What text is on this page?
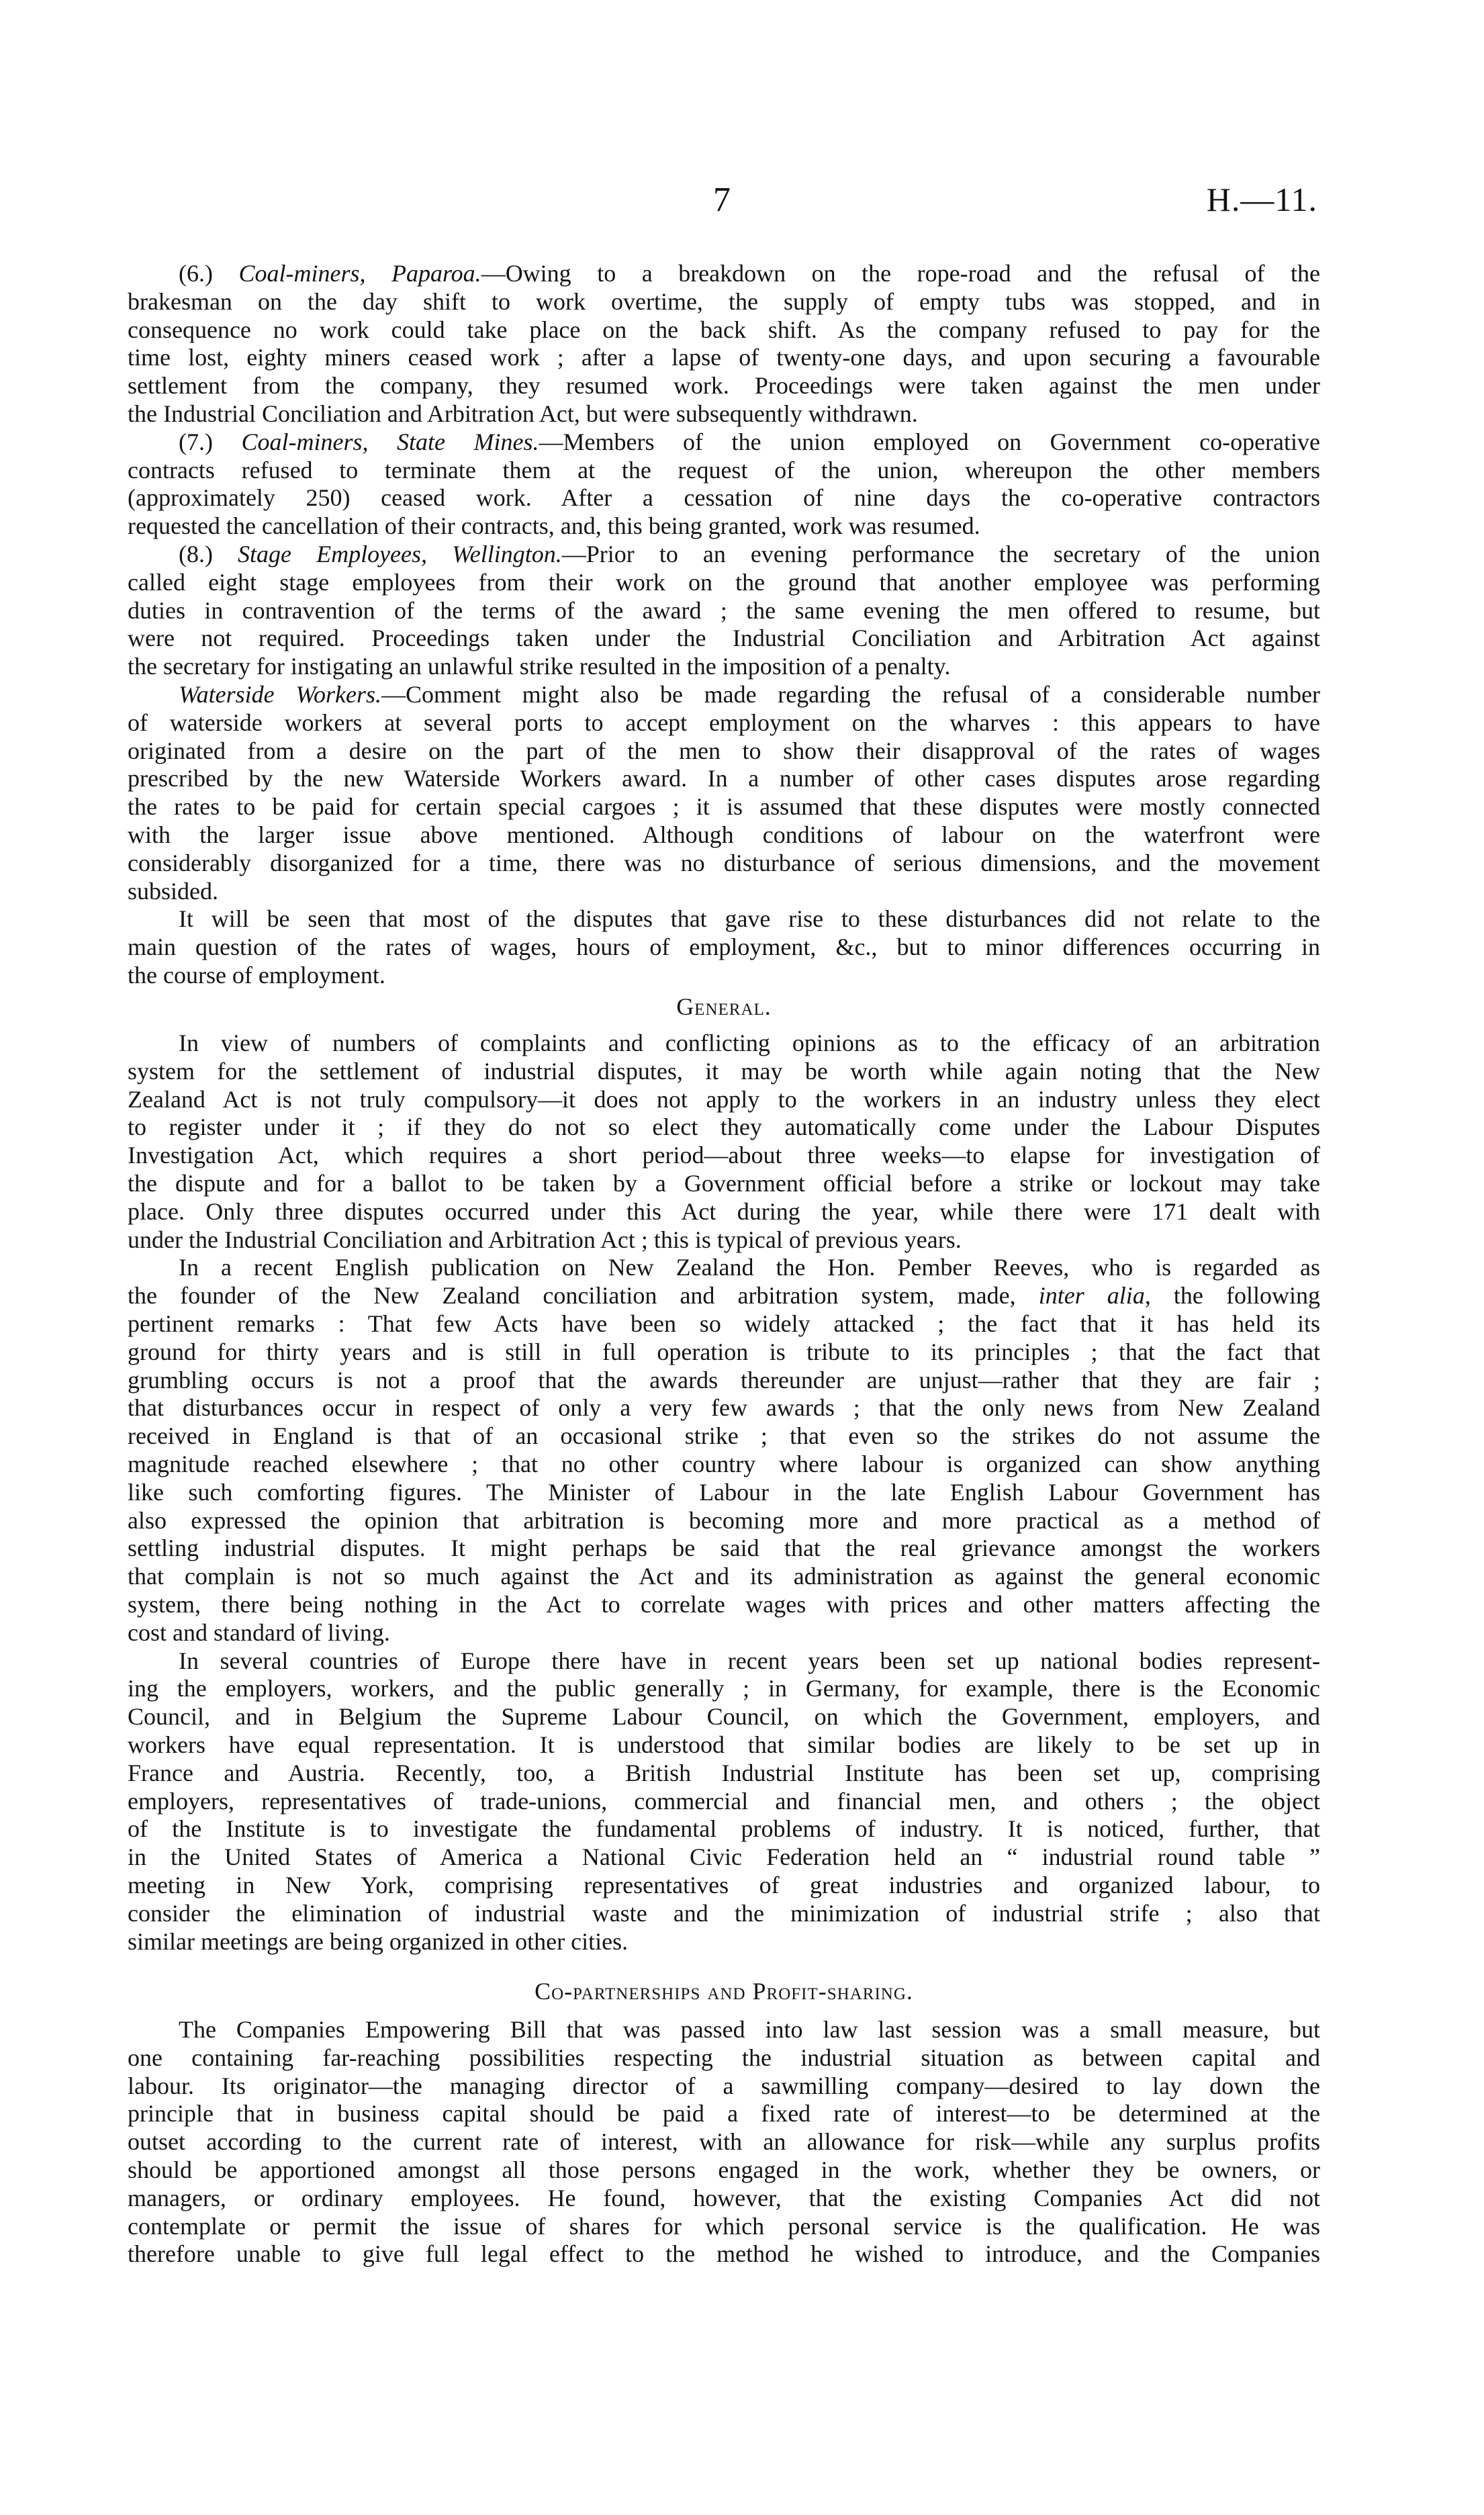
7	H.—11.
(6.) Coal-miners, Paparoa.—Owing to a breakdown on the rope-road and the refusal of the
brakesman on the day shift to work overtime, the supply of empty tubs was stopped, and in
consequence no work could take place on the back shift. As the company refused to pay for the
time lost, eighty miners ceased work ; after a lapse of twenty-one days, and upon securing a favourable
settlement from the company, they resumed work. Proceedings were taken against the men under
the Industrial Conciliation and Arbitration Act, but were subsequently withdrawn.
(7.) Coal-miners, State Mines.—Members of the union employed on Government co-operative
contracts refused to terminate them at the request of the union, whereupon the other members
(approximately 250) ceased work. After a cessation of nine days the co-operative contractors
requested the cancellation of their contracts, and, this being granted, work was resumed.
(8.) Stage Employees, Wellington.—Prior to an evening performance the secretary of the union
called eight stage employees from their work on the ground that another employee was performing
duties in contravention of the terms of the award ; the same evening the men offered to resume, but
were not required. Proceedings taken under the Industrial Conciliation and Arbitration Act against
the secretary for instigating an unlawful strike resulted in the imposition of a penalty.
Waterside Workers.—Comment might also be made regarding the refusal of a considerable number
of waterside workers at several ports to accept employment on the wharves : this appears to have
originated from a desire on the part of the men to show their disapproval of the rates of wages
prescribed by the new Waterside Workers award. In a number of other cases disputes arose regarding
the rates to be paid for certain special cargoes ; it is assumed that these disputes were mostly connected
with the larger issue above mentioned. Although conditions of labour on the waterfront were
considerably disorganized for a time, there was no disturbance of serious dimensions, and the movement
subsided.
It will be seen that most of the disputes that gave rise to these disturbances did not relate to the
main question of the rates of wages, hours of employment, &c., but to minor differences occurring in
the course of employment.
General.
In view of numbers of complaints and conflicting opinions as to the efficacy of an arbitration
system for the settlement of industrial disputes, it may be worth while again noting that the New
Zealand Act is not truly compulsory—it does not apply to the workers in an industry unless they elect
to register under it ; if they do not so elect they automatically come under the Labour Disputes
Investigation Act, which requires a short period—about three weeks—to elapse for investigation of
the dispute and for a ballot to be taken by a Government official before a strike or lockout may take
place. Only three disputes occurred under this Act during the year, while there were 171 dealt with
under the Industrial Conciliation and Arbitration Act ; this is typical of previous years.
In a recent English publication on New Zealand the Hon. Pember Reeves, who is regarded as
the founder of the New Zealand conciliation and arbitration system, made, inter alia, the following
pertinent remarks : That few Acts have been so widely attacked ; the fact that it has held its
ground for thirty years and is still in full operation is tribute to its principles ; that the fact that
grumbling occurs is not a proof that the awards thereunder are unjust—rather that they are fair ;
that disturbances occur in respect of only a very few awards ; that the only news from New Zealand
received in England is that of an occasional strike ; that even so the strikes do not assume the
magnitude reached elsewhere ; that no other country where labour is organized can show anything
like such comforting figures. The Minister of Labour in the late English Labour Government has
also expressed the opinion that arbitration is becoming more and more practical as a method of
settling industrial disputes. It might perhaps be said that the real grievance amongst the workers
that complain is not so much against the Act and its administration as against the general economic
system, there being nothing in the Act to correlate wages with prices and other matters affecting the
cost and standard of living.
In several countries of Europe there have in recent years been set up national bodies represent-
ing the employers, workers, and the public generally ; in Germany, for example, there is the Economic
Council, and in Belgium the Supreme Labour Council, on which the Government, employers, and
workers have equal representation. It is understood that similar bodies are likely to be set up in
France and Austria. Recently, too, a British Industrial Institute has been set up, comprising
employers, representatives of trade-unions, commercial and financial men, and others ; the object
of the Institute is to investigate the fundamental problems of industry. It is noticed, further, that
in the United States of America a National Civic Federation held an “ industrial round table ”
meeting in New York, comprising representatives of great industries and organized labour, to
consider the elimination of industrial waste and the minimization of industrial strife ; also that
similar meetings are being organized in other cities.
Co-partnerships and Profit-sharing.
The Companies Empowering Bill that was passed into law last session was a small measure, but
one containing far-reaching possibilities respecting the industrial situation as between capital and
labour. Its originator—the managing director of a sawmilling company—desired to lay down the
principle that in business capital should be paid a fixed rate of interest—to be determined at the
outset according to the current rate of interest, with an allowance for risk—while any surplus profits
should be apportioned amongst all those persons engaged in the work, whether they be owners, or
managers, or ordinary employees. He found, however, that the existing Companies Act did not
contemplate or permit the issue of shares for which personal service is the qualification. He was
therefore unable to give full legal effect to the method he wished to introduce, and the Companies
